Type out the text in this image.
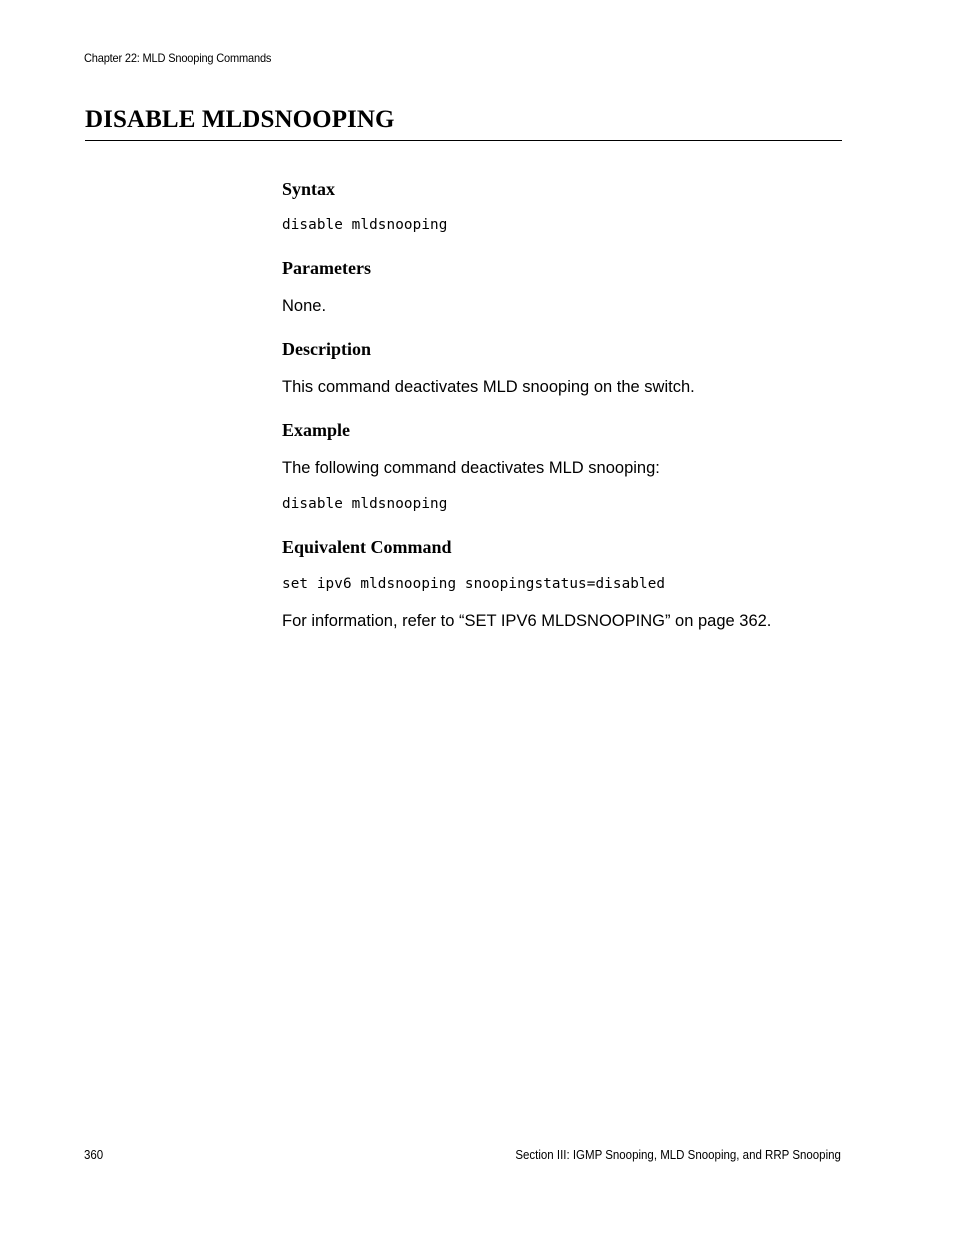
Chapter 22: MLD Snooping Commands
DISABLE MLDSNOOPING
Syntax
disable mldsnooping
Parameters
None.
Description
This command deactivates MLD snooping on the switch.
Example
The following command deactivates MLD snooping:
disable mldsnooping
Equivalent Command
set ipv6 mldsnooping snoopingstatus=disabled
For information, refer to “SET IPV6 MLDSNOOPING” on page 362.
360	Section III: IGMP Snooping, MLD Snooping, and RRP Snooping
